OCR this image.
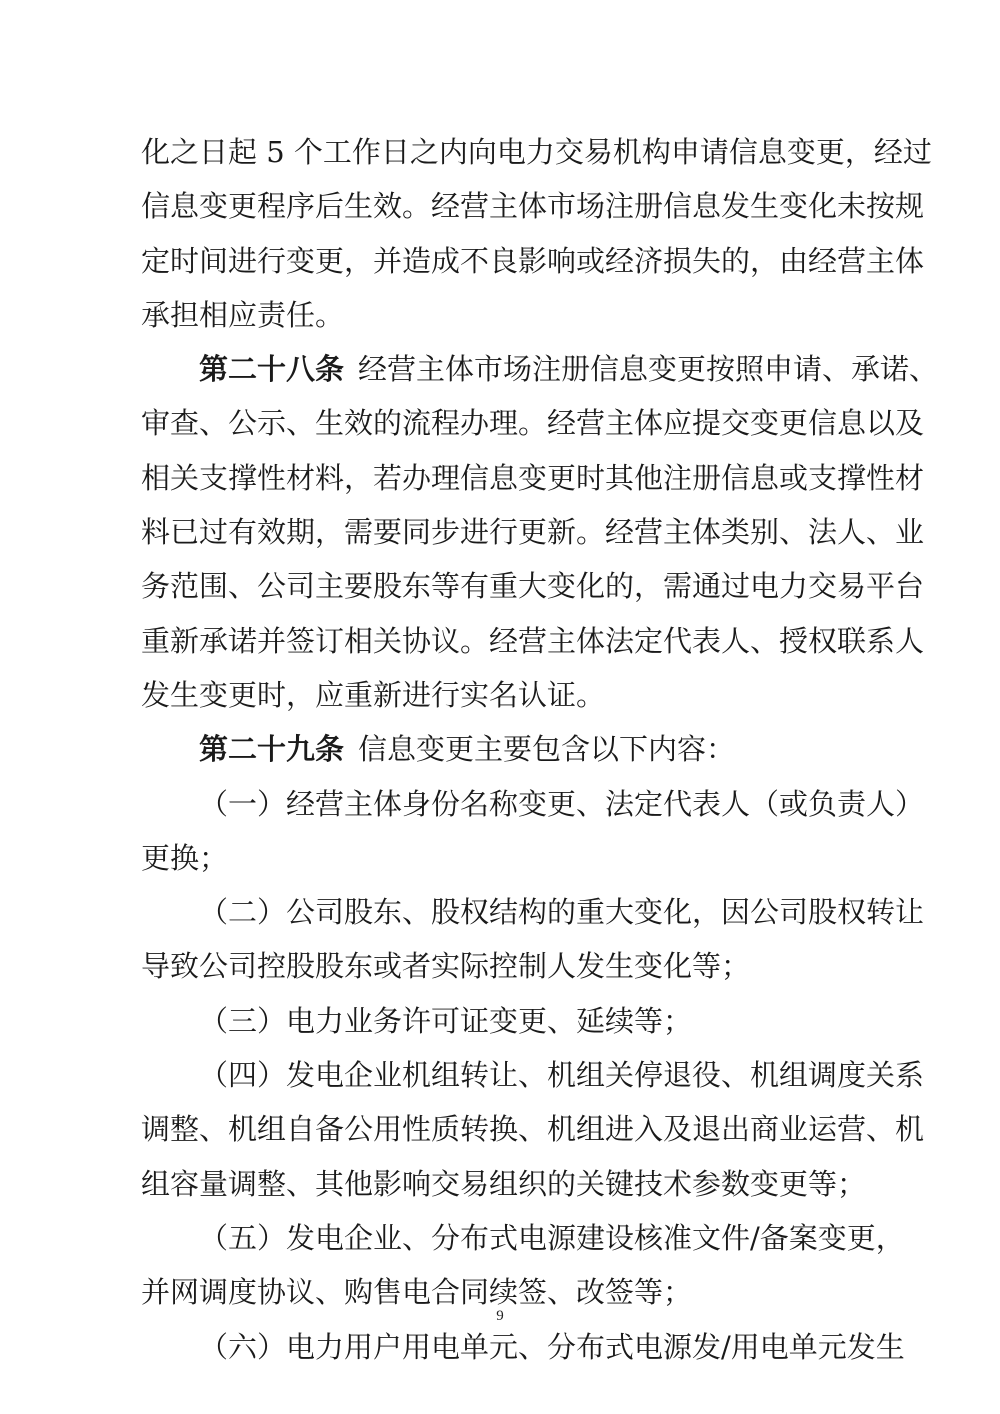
化之日起 5 个工作日之内向电力交易机构申请信息变更，经过
信息变更程序后生效。经营主体市场注册信息发生变化未按规
定时间进行变更，并造成不良影响或经济损失的，由经营主体
承担相应责任。
第二十八条 经营主体市场注册信息变更按照申请、承诺、
审查、公示、生效的流程办理。经营主体应提交变更信息以及
相关支撑性材料，若办理信息变更时其他注册信息或支撑性材
料已过有效期，需要同步进行更新。经营主体类别、法人、业
务范围、公司主要股东等有重大变化的，需通过电力交易平台
重新承诺并签订相关协议。经营主体法定代表人、授权联系人
发生变更时，应重新进行实名认证。
第二十九条 信息变更主要包含以下内容：
（一）经营主体身份名称变更、法定代表人（或负责人）
更换；
（二）公司股东、股权结构的重大变化，因公司股权转让
导致公司控股股东或者实际控制人发生变化等；
（三）电力业务许可证变更、延续等；
（四）发电企业机组转让、机组关停退役、机组调度关系
调整、机组自备公用性质转换、机组进入及退出商业运营、机
组容量调整、其他影响交易组织的关键技术参数变更等；
（五）发电企业、分布式电源建设核准文件/备案变更，
并网调度协议、购售电合同续签、改签等；
（六）电力用户用电单元、分布式电源发/用电单元发生
9
